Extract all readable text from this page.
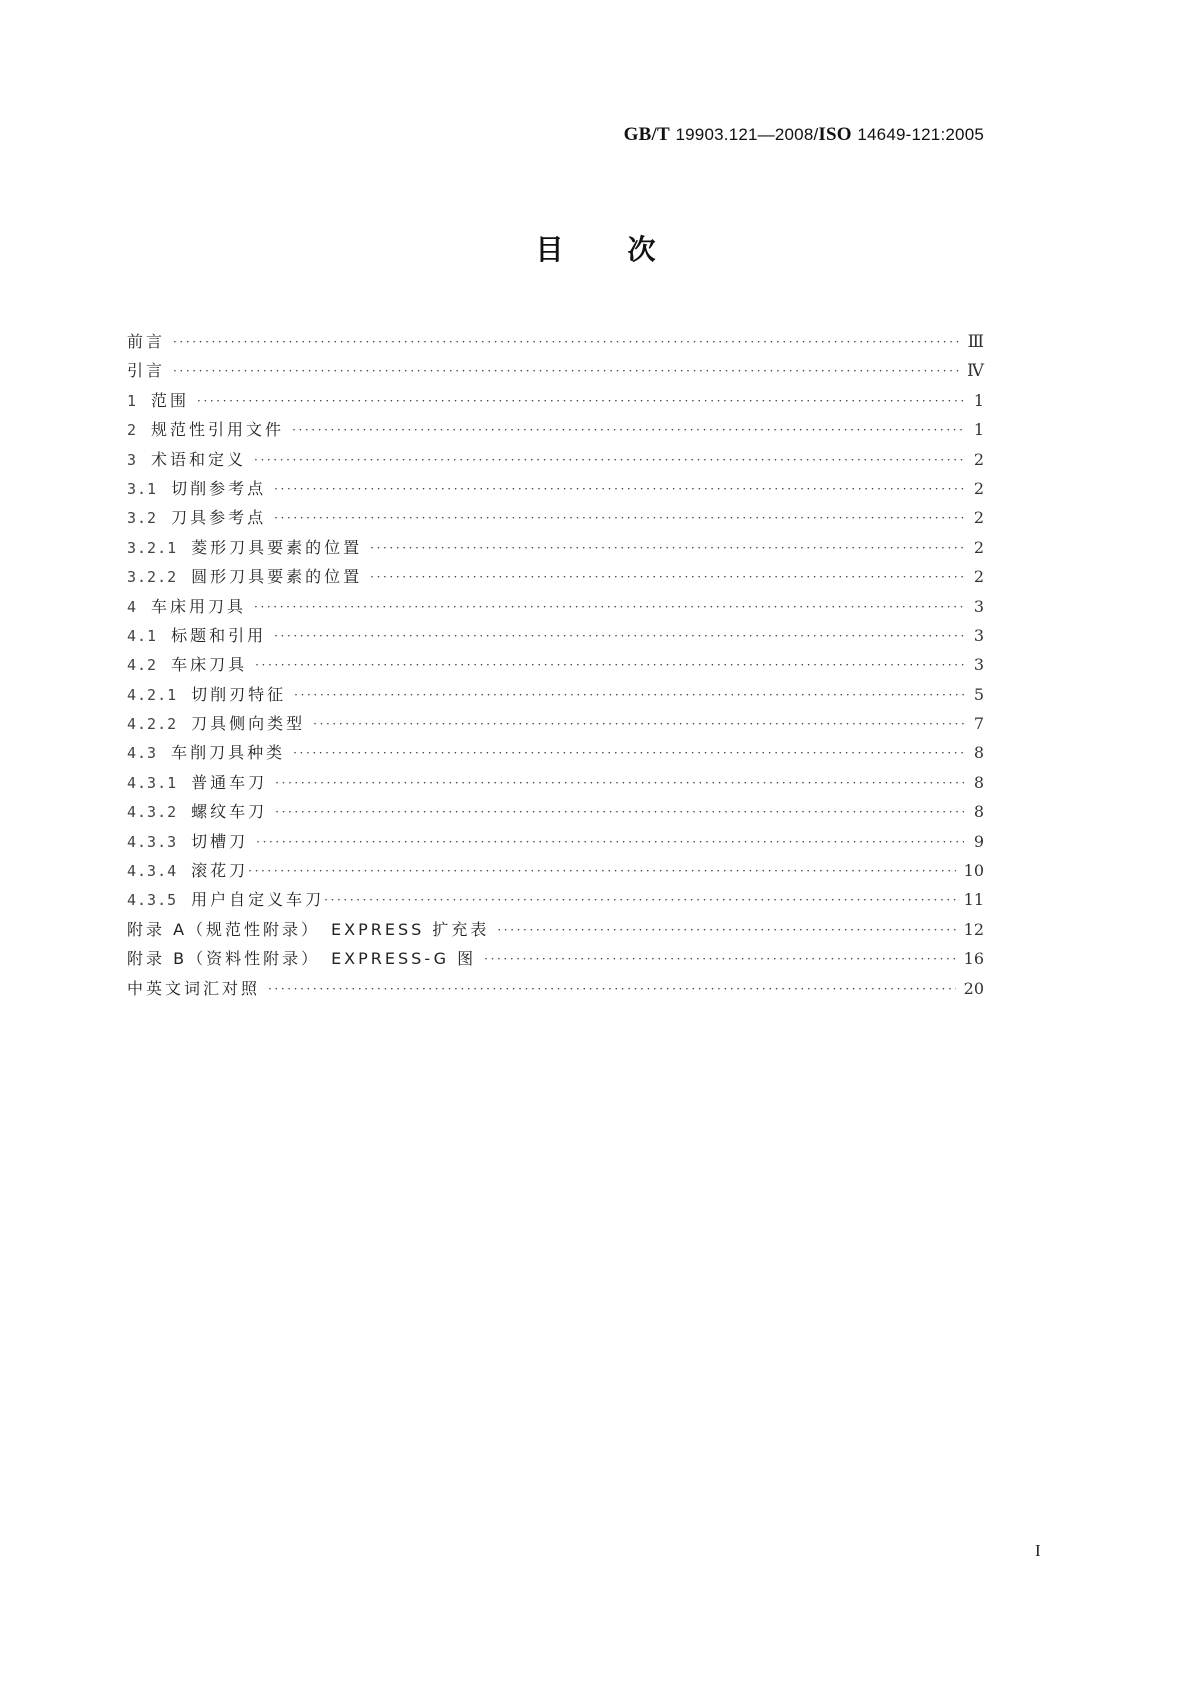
GB/T 19903.121—2008/ISO 14649-121:2005
目 次
前言 ·····	Ⅲ
引言 ·····	Ⅳ
1 范围 ·····	1
2 规范性引用文件 ·····	1
3 术语和定义 ·····	2
3.1 切削参考点 ·····	2
3.2 刀具参考点 ·····	2
3.2.1 菱形刀具要素的位置 ·····	2
3.2.2 圆形刀具要素的位置 ·····	2
4 车床用刀具 ·····	3
4.1 标题和引用 ·····	3
4.2 车床刀具 ·····	3
4.2.1 切削刃特征 ·····	5
4.2.2 刀具侧向类型 ·····	7
4.3 车削刀具种类 ·····	8
4.3.1 普通车刀 ·····	8
4.3.2 螺纹车刀 ·····	8
4.3.3 切槽刀 ·····	9
4.3.4 滚花刀 ·····	10
4.3.5 用户自定义车刀 ·····	11
附录 A（规范性附录）　EXPRESS 扩充表 ·····	12
附录 B（资料性附录）　EXPRESS-G 图 ·····	16
中英文词汇对照 ·····	20
I
